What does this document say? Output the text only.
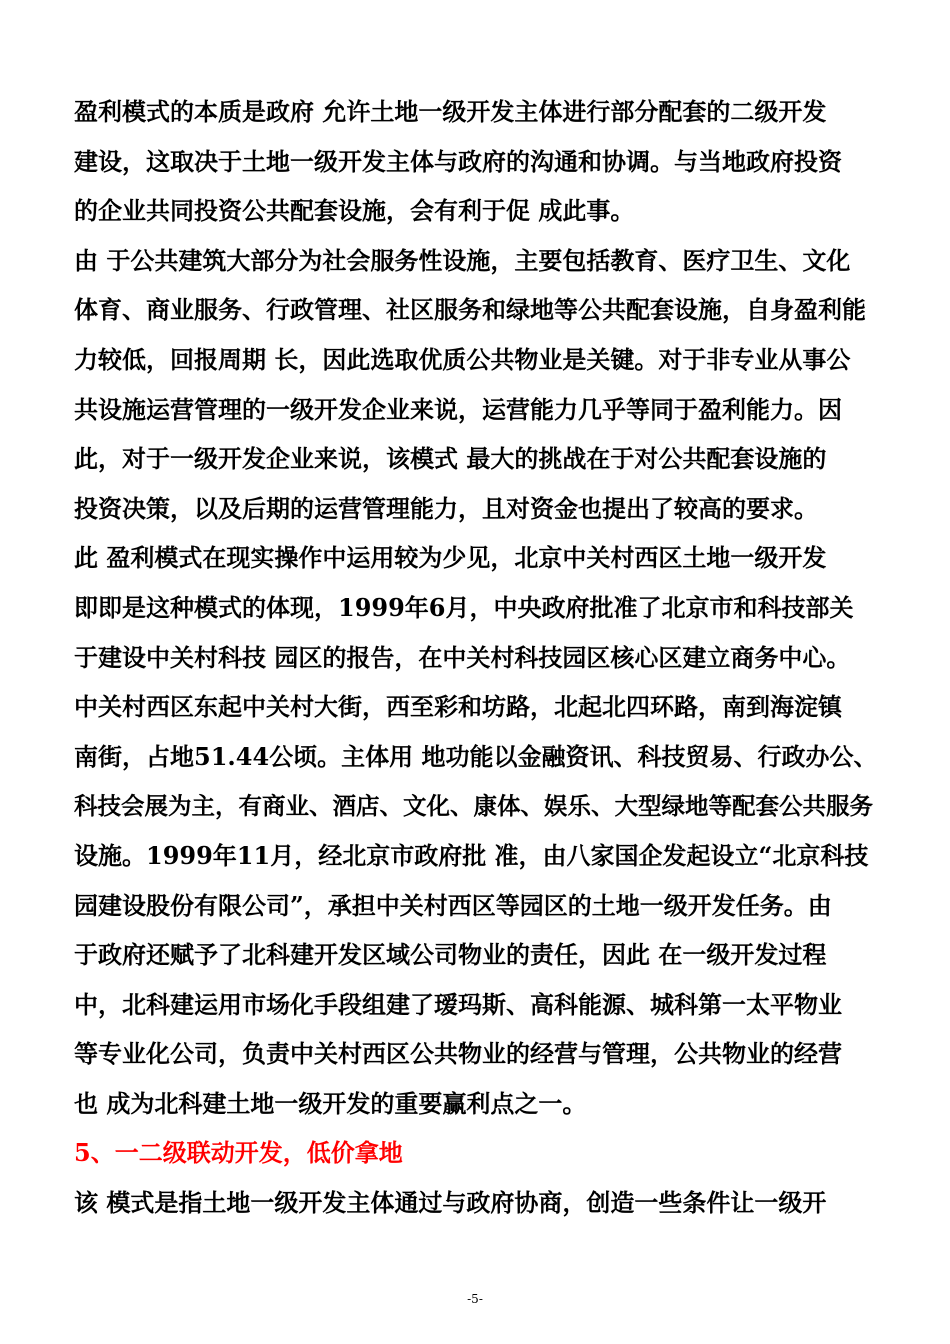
盈利模式的本质是政府 允许土地一级开发主体进行部分配套的二级开发
建设，这取决于土地一级开发主体与政府的沟通和协调。与当地政府投资
的企业共同投资公共配套设施，会有利于促 成此事。
由 于公共建筑大部分为社会服务性设施，主要包括教育、医疗卫生、文化
体育、商业服务、行政管理、社区服务和绿地等公共配套设施，自身盈利能
力较低，回报周期 长，因此选取优质公共物业是关键。对于非专业从事公
共设施运营管理的一级开发企业来说，运营能力几乎等同于盈利能力。因
此，对于一级开发企业来说，该模式 最大的挑战在于对公共配套设施的
投资决策，以及后期的运营管理能力，且对资金也提出了较高的要求。
此 盈利模式在现实操作中运用较为少见，北京中关村西区土地一级开发
即即是这种模式的体现，1999年6月，中央政府批准了北京市和科技部关
于建设中关村科技 园区的报告，在中关村科技园区核心区建立商务中心。
中关村西区东起中关村大街，西至彩和坊路，北起北四环路，南到海淀镇
南街，占地51.44公顷。主体用 地功能以金融资讯、科技贸易、行政办公、
科技会展为主，有商业、酒店、文化、康体、娱乐、大型绿地等配套公共服务
设施。1999年11月，经北京市政府批 准，由八家国企发起设立“北京科技
园建设股份有限公司”，承担中关村西区等园区的土地一级开发任务。由
于政府还赋予了北科建开发区域公司物业的责任，因此 在一级开发过程
中，北科建运用市场化手段组建了瑷玛斯、高科能源、城科第一太平物业
等专业化公司，负责中关村西区公共物业的经营与管理，公共物业的经营
也 成为北科建土地一级开发的重要赢利点之一。
5、一二级联动开发，低价拿地
该 模式是指土地一级开发主体通过与政府协商，创造一些条件让一级开
-5-
